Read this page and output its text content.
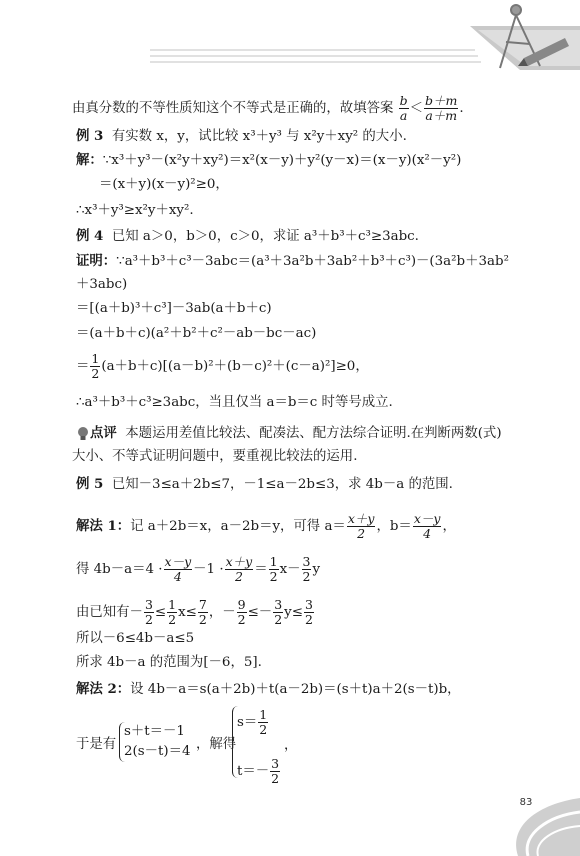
由真分数的不等性质知这个不等式是正确的，故填答案 $\frac{b}{a} < \frac{b+m}{a+m}$ .
例 3 有实数 x，y，试比较 x³＋y³ 与 x²y＋xy² 的大小.
解：∵x³＋y³－(x²y＋xy²)＝x²(x－y)＋y²(y－x)＝(x－y)(x²－y²)
＝(x＋y)(x－y)²≥0，
∴x³＋y³≥x²y＋xy².
例 4 已知 a＞0，b＞0，c＞0，求证 a³＋b³＋c³≥3abc.
证明：∵a³＋b³＋c³－3abc＝(a³＋3a²b＋3ab²＋b³＋c³)－(3a²b＋3ab²
＋3abc)
＝[(a＋b)³＋c³]－3ab(a＋b＋c)
＝(a＋b＋c)(a²＋b²＋c²－ab－bc－ac)
＝ $\frac{1}{2} (a+b+c)[(a-b)^2+(b-c)^2+(c-a)^2]\ge 0$，
∴a³＋b³＋c³≥3abc，当且仅当 a＝b＝c 时等号成立.
点评 本题运用差值比较法、配凑法、配方法综合证明.在判断两数(式)
大小、不等式证明问题中，要重视比较法的运用.
例 5 已知－3≤a＋2b≤7，－1≤a－2b≤3，求 4b－a 的范围.
解法 1：记 a＋2b＝x，a－2b＝y，可得 $a= \frac{x+y}{2}$ ，$b= \frac{x-y}{4}$ ，
得 $4b-a=4 \cdot \frac{x-y}{4} -1 \cdot \frac{x+y}{2} = \frac{1}{2} x- \frac{3}{2}$ y
由已知有－ $\frac{3}{2} \le \frac{1}{2} x\le \frac{7}{2}$ ，－ $\frac{9}{2} \le- \frac{3}{2} y\le \frac{3}{2}$
所以－6≤4b－a≤5
所求 4b－a 的范围为[－6，5].
解法 2：设 4b－a＝s(a＋2b)＋t(a－2b)＝(s＋t)a＋2(s－t)b，
于是有
s＋t＝－1
2(s－t)＝4 ，解得
$s= \frac{1}{2}$
$t=- \frac{3}{2}$
，
83
